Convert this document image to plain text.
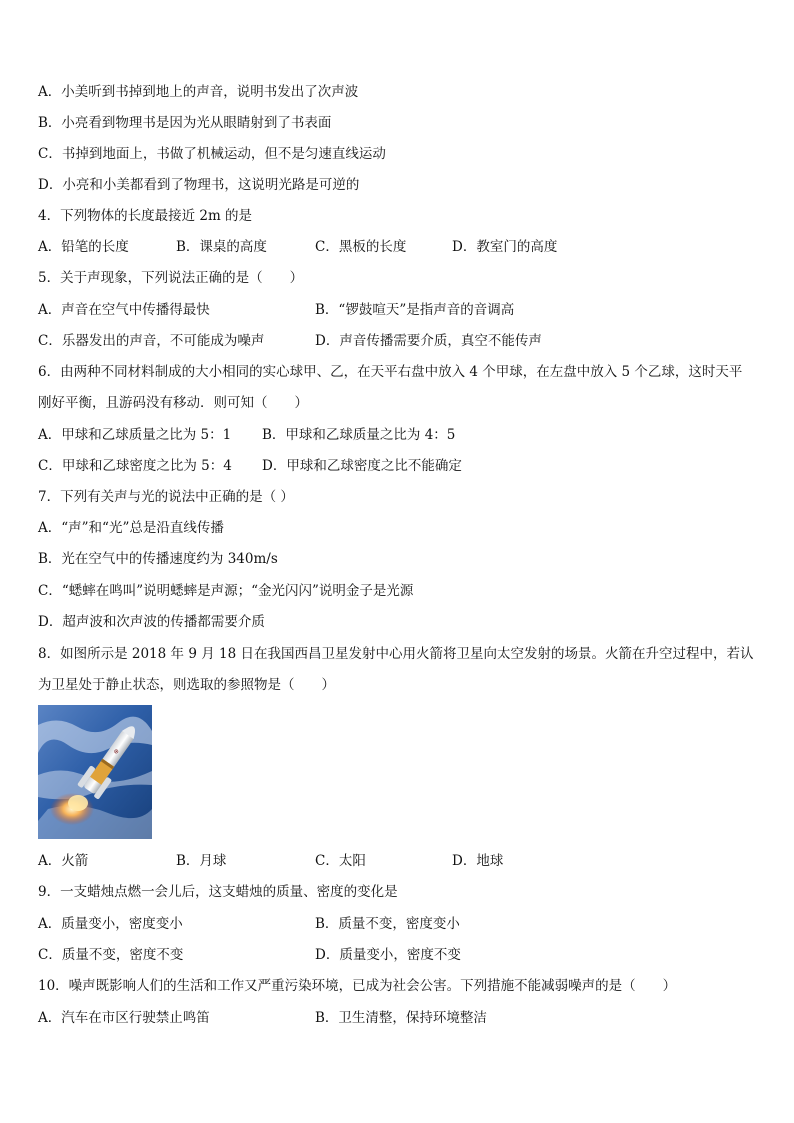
A．小美听到书掉到地上的声音，说明书发出了次声波
B．小亮看到物理书是因为光从眼睛射到了书表面
C．书掉到地面上，书做了机械运动，但不是匀速直线运动
D．小亮和小美都看到了物理书，这说明光路是可逆的
4．下列物体的长度最接近 2m 的是
A．铅笔的长度	B．课桌的高度	C．黑板的长度	D．教室门的高度
5．关于声现象，下列说法正确的是（　　）
A．声音在空气中传播得最快	B．“锣鼓喧天”是指声音的音调高
C．乐器发出的声音，不可能成为噪声	D．声音传播需要介质，真空不能传声
6．由两种不同材料制成的大小相同的实心球甲、乙，在天平右盘中放入 4 个甲球，在左盘中放入 5 个乙球，这时天平
刚好平衡，且游码没有移动．则可知（　　）
A．甲球和乙球质量之比为 5：1 B．甲球和乙球质量之比为 4：5
C．甲球和乙球密度之比为 5：4 D．甲球和乙球密度之比不能确定
7．下列有关声与光的说法中正确的是（ ）
A．“声”和“光”总是沿直线传播
B．光在空气中的传播速度约为 340m/s
C．“蟋蟀在鸣叫”说明蟋蟀是声源；“金光闪闪”说明金子是光源
D．超声波和次声波的传播都需要介质
8．如图所示是 2018 年 9 月 18 日在我国西昌卫星发射中心用火箭将卫星向太空发射的场景。火箭在升空过程中，若认
为卫星处于静止状态，则选取的参照物是（　　）
⊕
A．火箭	B．月球	C．太阳	D．地球
9．一支蜡烛点燃一会儿后，这支蜡烛的质量、密度的变化是
A．质量变小，密度变小	B．质量不变，密度变小
C．质量不变，密度不变	D．质量变小，密度不变
10．噪声既影响人们的生活和工作又严重污染环境，已成为社会公害。下列措施不能减弱噪声的是（　　）
A．汽车在市区行驶禁止鸣笛	B．卫生清整，保持环境整洁
